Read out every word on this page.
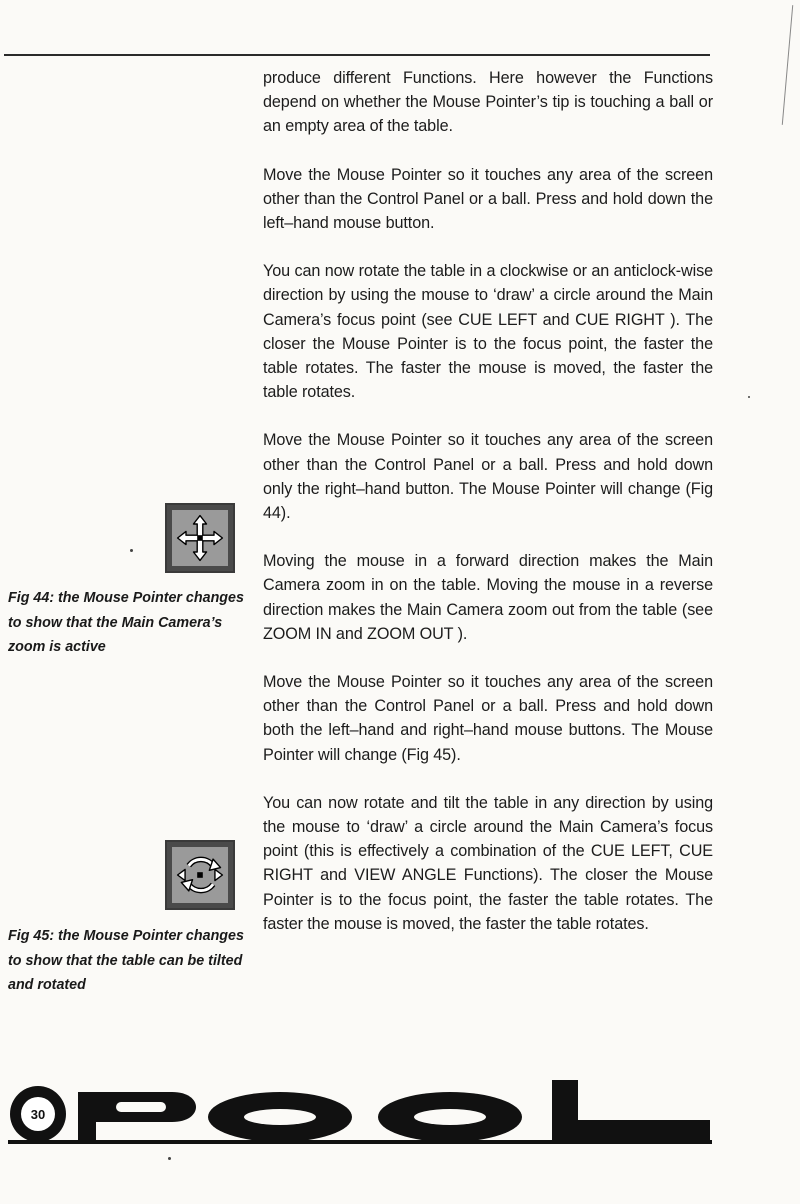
produce different Functions. Here however the Functions depend on whether the Mouse Pointer’s tip is touching a ball or an empty area of the table.

Move the Mouse Pointer so it touches any area of the screen other than the Control Panel or a ball. Press and hold down the left–hand mouse button.

You can now rotate the table in a clockwise or an anticlock-wise direction by using the mouse to ‘draw’ a circle around the Main Camera’s focus point (see CUE LEFT and CUE RIGHT ). The closer the Mouse Pointer is to the focus point, the faster the table rotates. The faster the mouse is moved, the faster the table rotates.

Move the Mouse Pointer so it touches any area of the screen other than the Control Panel or a ball. Press and hold down only the right–hand button. The Mouse Pointer will change (Fig 44).

Moving the mouse in a forward direction makes the Main Camera zoom in on the table. Moving the mouse in a reverse direction makes the Main Camera zoom out from the table (see ZOOM IN and ZOOM OUT ).

Move the Mouse Pointer so it touches any area of the screen other than the Control Panel or a ball. Press and hold down both the left–hand and right–hand mouse buttons. The Mouse Pointer will change (Fig 45).

You can now rotate and tilt the table in any direction by using the mouse to ‘draw’ a circle around the Main Camera’s focus point (this is effectively a combination of the CUE LEFT, CUE RIGHT and VIEW ANGLE Functions). The closer the Mouse Pointer is to the focus point, the faster the table rotates. The faster the mouse is moved, the faster the table rotates.

Fig 44: the Mouse Pointer changes to show that the Main Camera’s zoom is active
Fig 45: the Mouse Pointer changes to show that the table can be tilted and rotated
30
